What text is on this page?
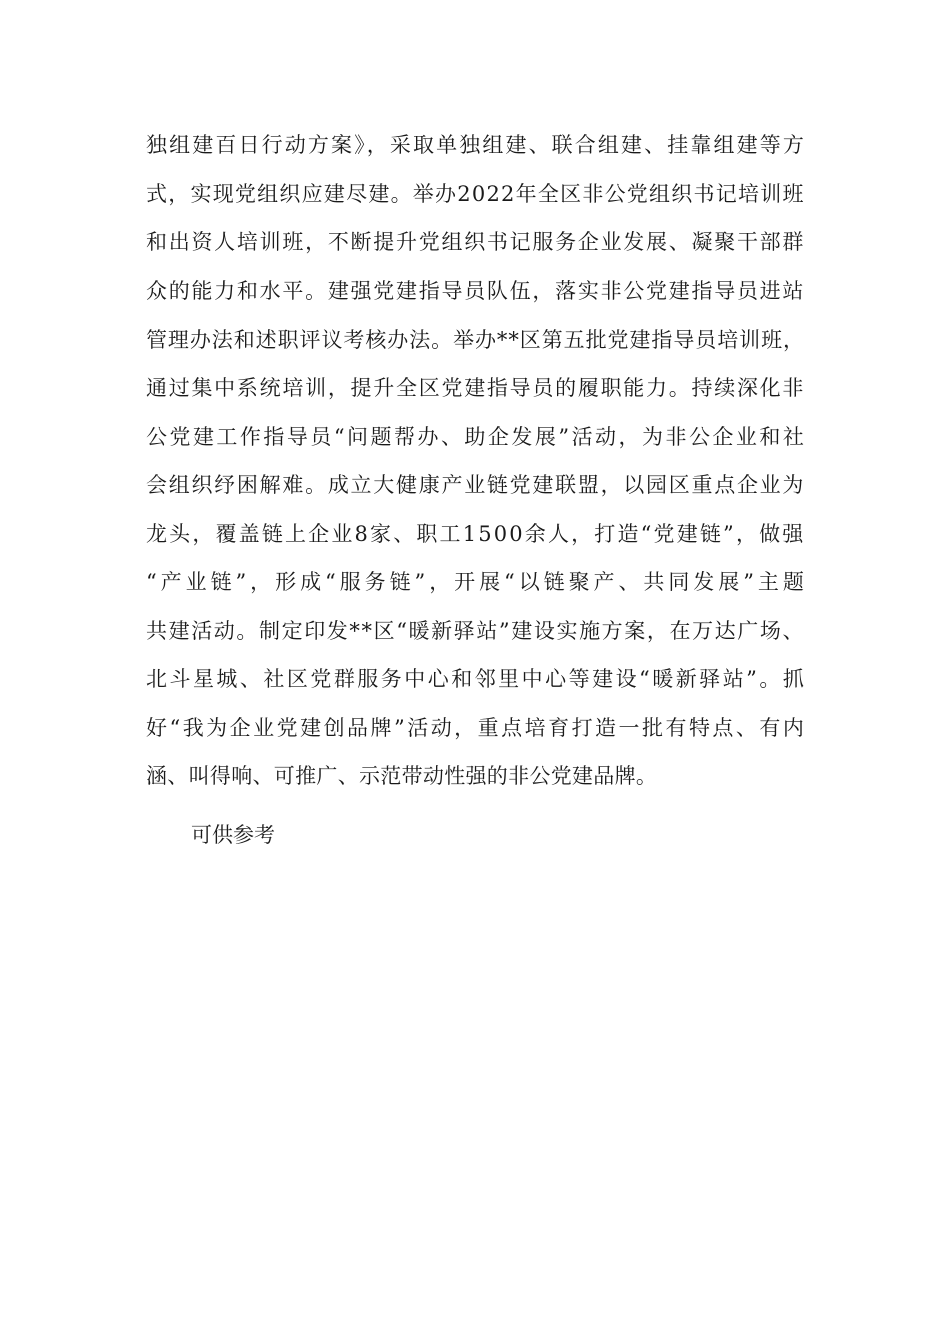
独组建百日行动方案》，采取单独组建、联合组建、挂靠组建等方
式，实现党组织应建尽建。举办2022年全区非公党组织书记培训班
和出资人培训班，不断提升党组织书记服务企业发展、凝聚干部群
众的能力和水平。建强党建指导员队伍，落实非公党建指导员进站
管理办法和述职评议考核办法。举办**区第五批党建指导员培训班，
通过集中系统培训，提升全区党建指导员的履职能力。持续深化非
公党建工作指导员“问题帮办、助企发展”活动，为非公企业和社
会组织纾困解难。成立大健康产业链党建联盟，以园区重点企业为
龙头，覆盖链上企业8家、职工1500余人，打造“党建链”，做强
“产业链”，形成“服务链”，开展“以链聚产、共同发展”主题
共建活动。制定印发**区“暖新驿站”建设实施方案，在万达广场、
北斗星城、社区党群服务中心和邻里中心等建设“暖新驿站”。抓
好“我为企业党建创品牌”活动，重点培育打造一批有特点、有内
涵、叫得响、可推广、示范带动性强的非公党建品牌。
可供参考
